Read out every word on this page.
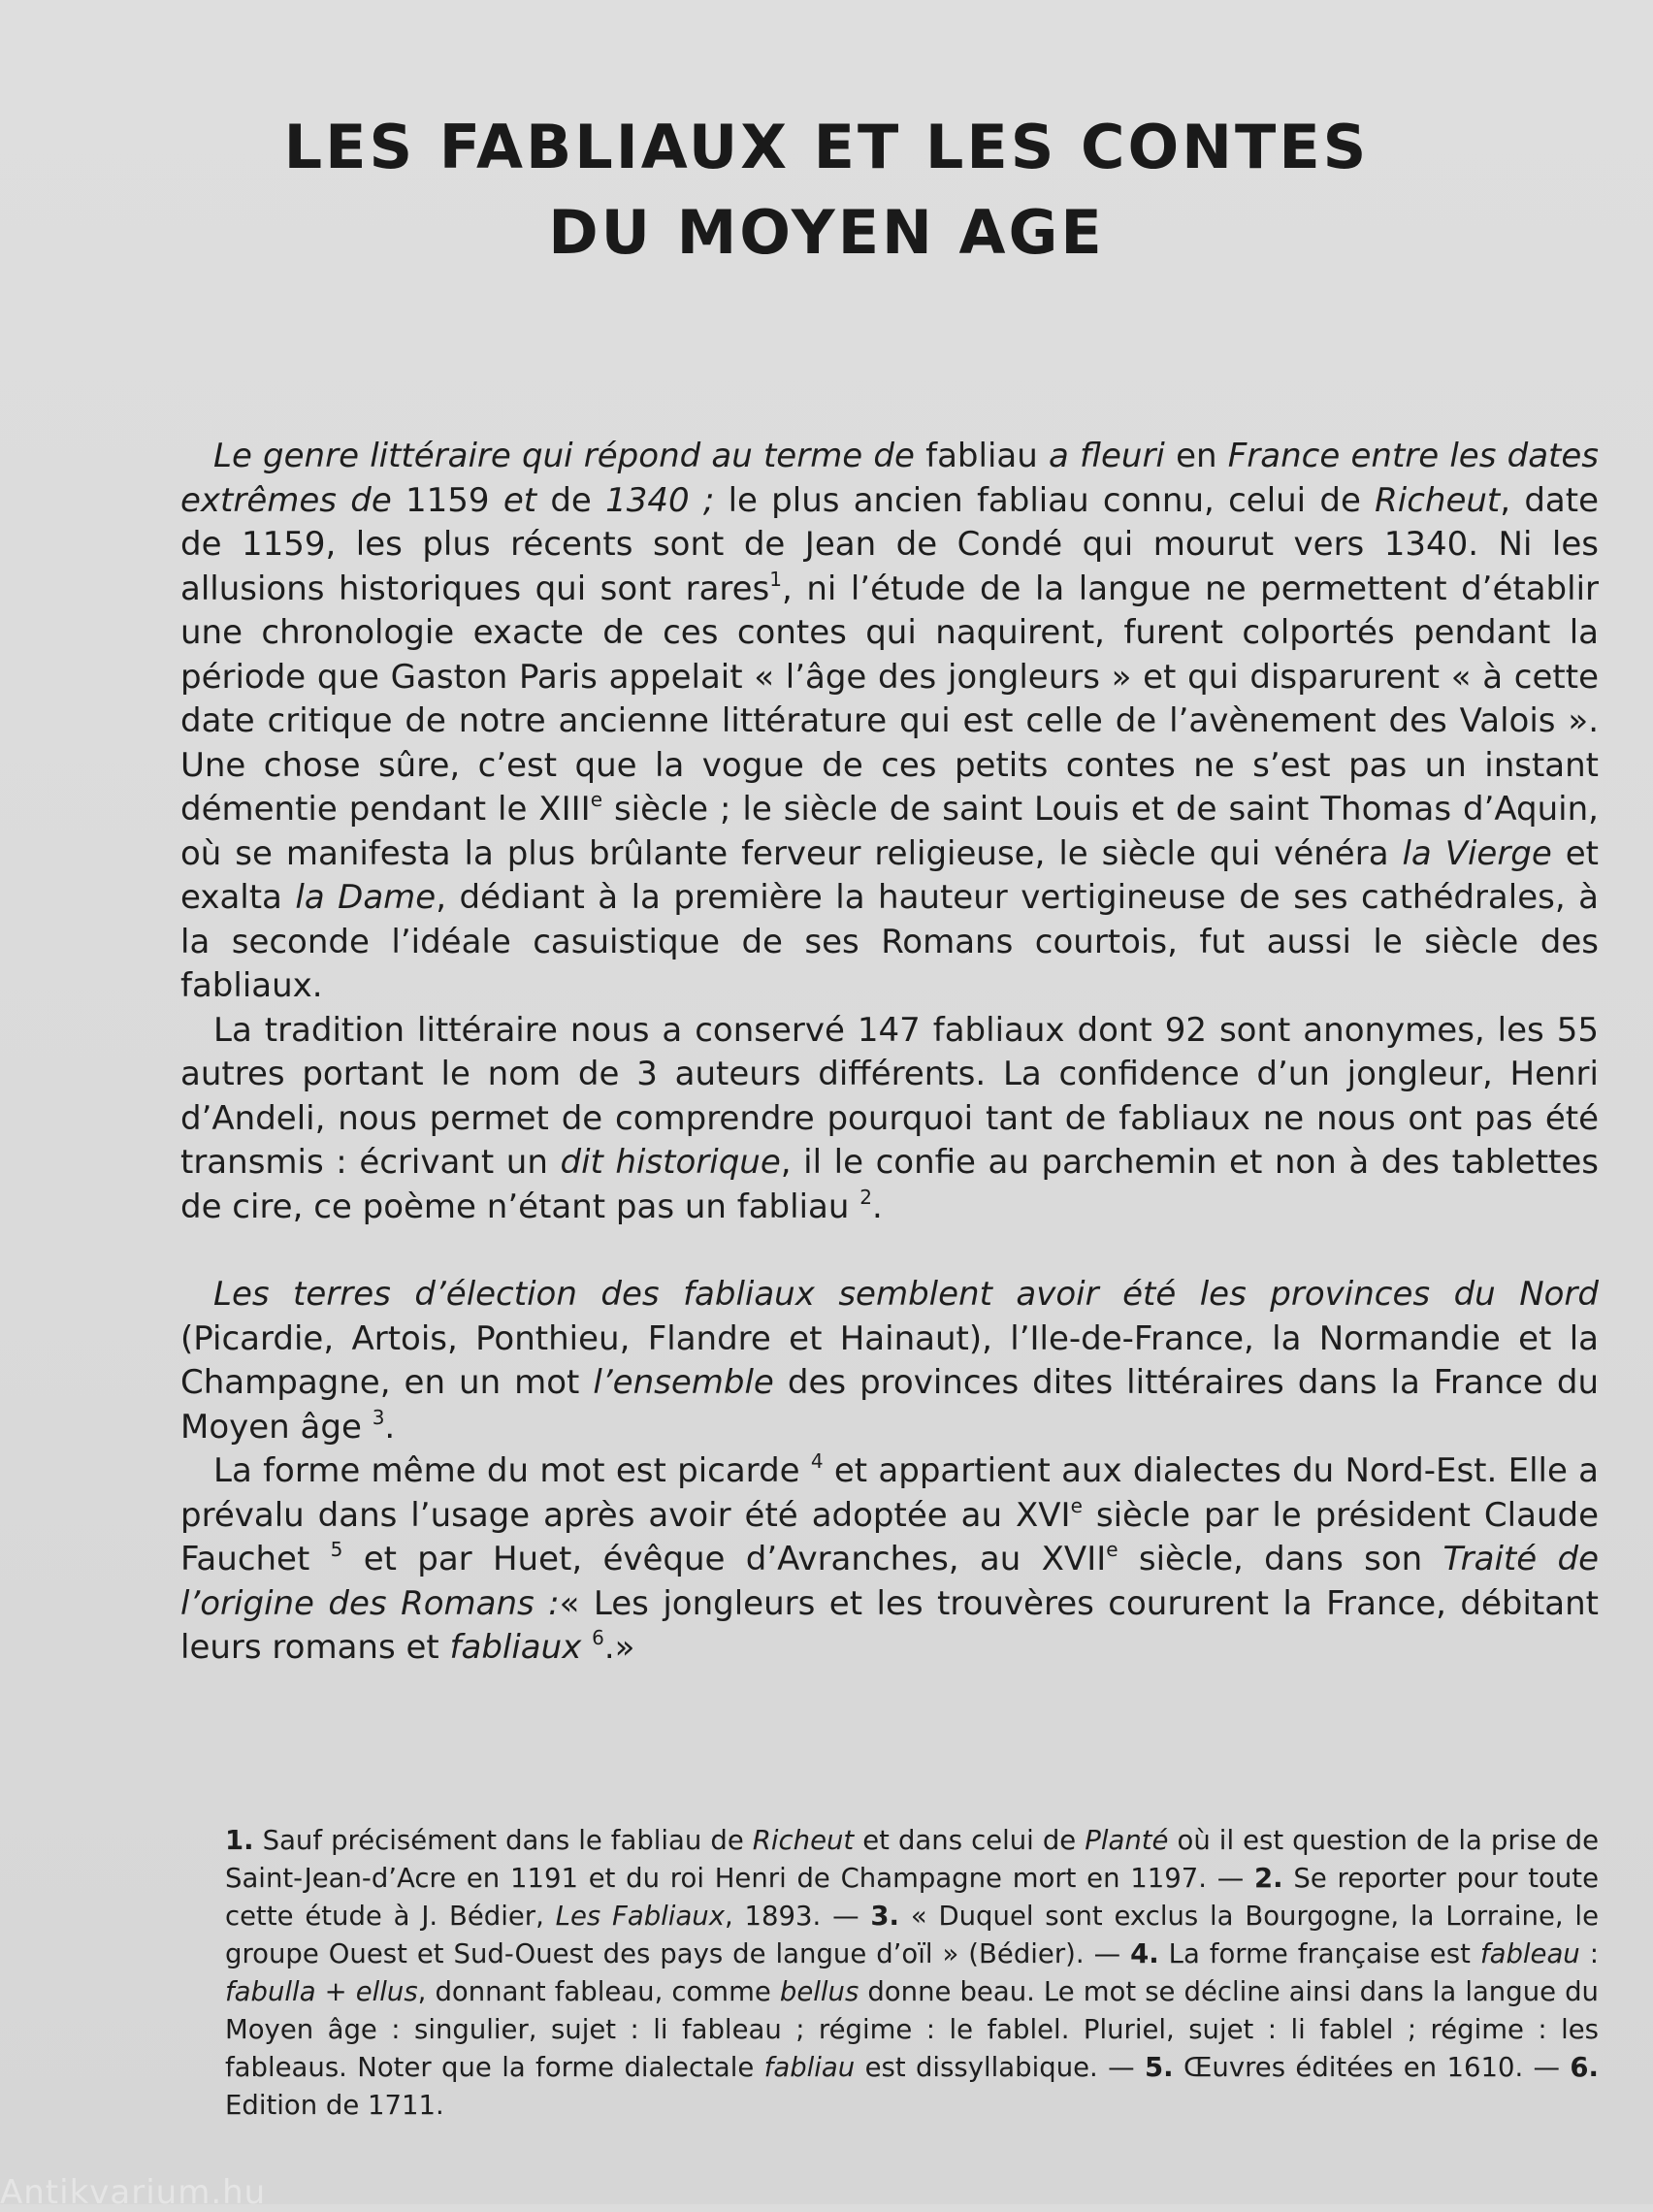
LES FABLIAUX ET LES CONTES
DU MOYEN AGE

Le genre littéraire qui répond au terme de fabliau a fleuri en France entre les dates extrêmes de 1159 et de 1340 ; le plus ancien fabliau connu, celui de Richeut, date de 1159, les plus récents sont de Jean de Condé qui mourut vers 1340. Ni les allusions historiques qui sont rares$^1$, ni l’étude de la langue ne permettent d’établir une chronologie exacte de ces contes qui naquirent, furent colportés pendant la période que Gaston Paris appelait « l’âge des jongleurs » et qui disparurent « à cette date critique de notre ancienne littérature qui est celle de l’avènement des Valois ». Une chose sûre, c’est que la vogue de ces petits contes ne s’est pas un instant démentie pendant le XIIIe siècle ; le siècle de saint Louis et de saint Thomas d’Aquin, où se manifesta la plus brûlante ferveur religieuse, le siècle qui vénéra la Vierge et exalta la Dame, dédiant à la première la hauteur vertigineuse de ses cathédrales, à la seconde l’idéale casuistique de ses Romans courtois, fut aussi le siècle des fabliaux.

La tradition littéraire nous a conservé 147 fabliaux dont 92 sont anonymes, les 55 autres portant le nom de 3 auteurs différents. La confidence d’un jongleur, Henri d’Andeli, nous permet de comprendre pourquoi tant de fabliaux ne nous ont pas été transmis : écrivant un dit historique, il le confie au parchemin et non à des tablettes de cire, ce poème n’étant pas un fabliau $^2$.

Les terres d’élection des fabliaux semblent avoir été les provinces du Nord (Picardie, Artois, Ponthieu, Flandre et Hainaut), l’Ile-de-France, la Normandie et la Champagne, en un mot l’ensemble des provinces dites littéraires dans la France du Moyen âge $^3$.

La forme même du mot est picarde $^4$ et appartient aux dialectes du Nord-Est. Elle a prévalu dans l’usage après avoir été adoptée au XVIe siècle par le président Claude Fauchet $^5$ et par Huet, évêque d’Avranches, au XVIIe siècle, dans son Traité de l’origine des Romans :« Les jongleurs et les trouvères coururent la France, débitant leurs romans et fabliaux $^6$.»

1. Sauf précisément dans le fabliau de Richeut et dans celui de Planté où il est question de la prise de Saint-Jean-d’Acre en 1191 et du roi Henri de Champagne mort en 1197. — 2. Se reporter pour toute cette étude à J. Bédier, Les Fabliaux, 1893. — 3. « Duquel sont exclus la Bourgogne, la Lorraine, le groupe Ouest et Sud-Ouest des pays de langue d’oïl » (Bédier). — 4. La forme française est fableau : fabulla + ellus, donnant fableau, comme bellus donne beau. Le mot se décline ainsi dans la langue du Moyen âge : singulier, sujet : li fableau ; régime : le fablel. Pluriel, sujet : li fablel ; régime : les fableaus. Noter que la forme dialectale fabliau est dissyllabique. — 5. Œuvres éditées en 1610. — 6. Edition de 1711.
Antikvarium.hu
